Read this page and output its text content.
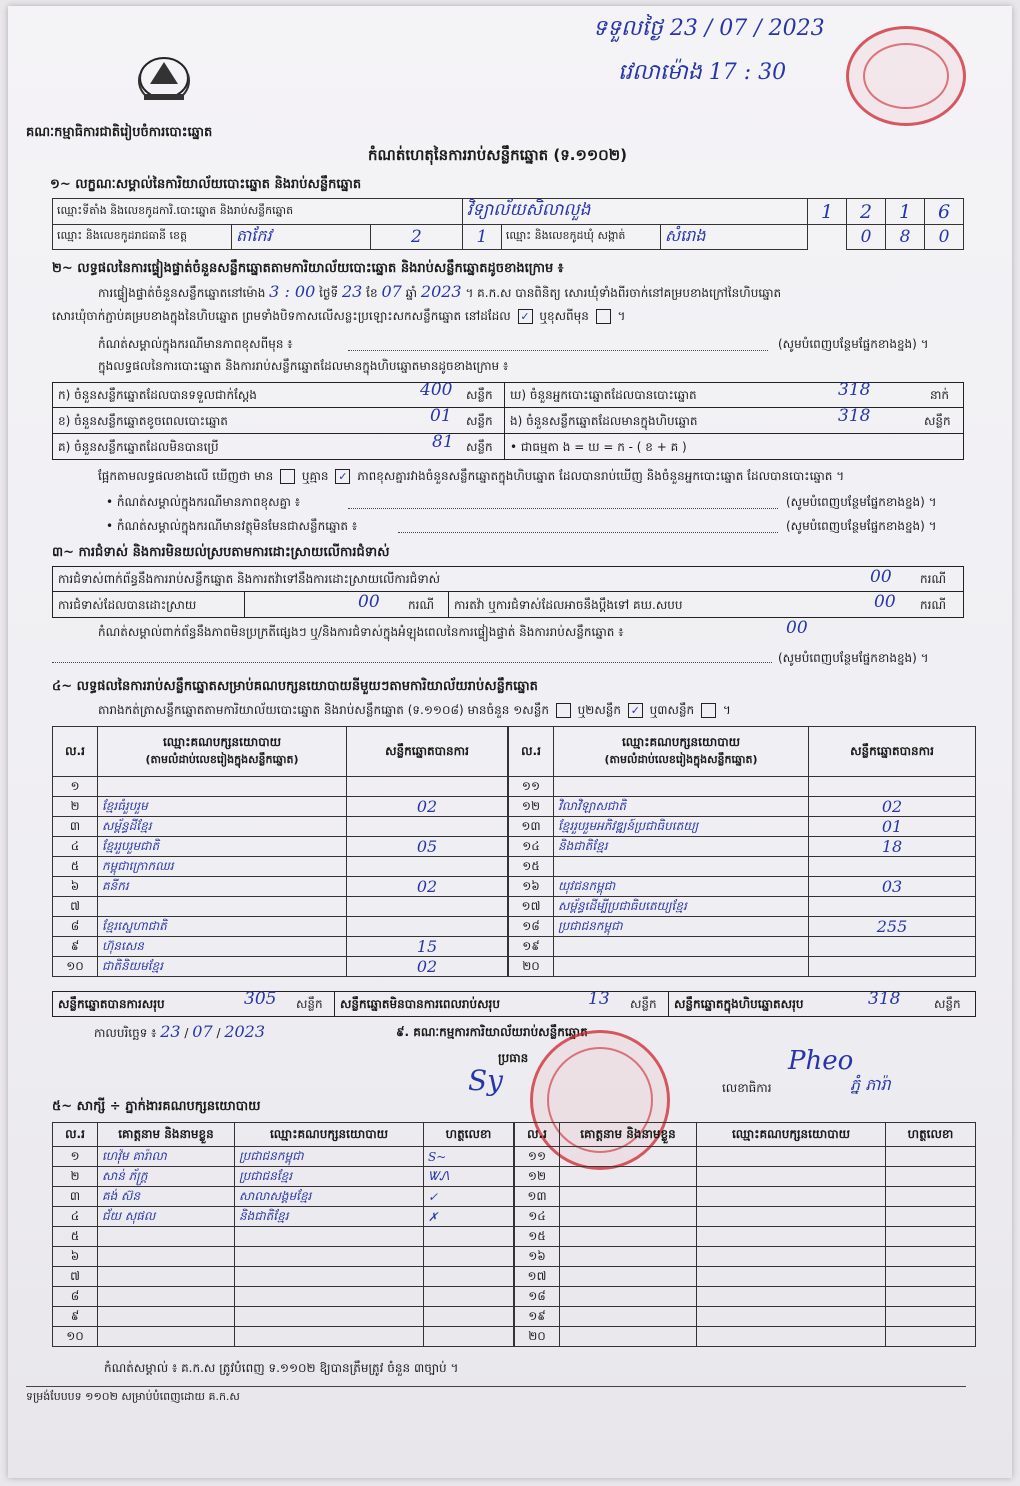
ទទួលថ្ងៃ 23 / 07 / 2023
វេលាម៉ោង 17 : 30
គណៈកម្មាធិការជាតិរៀបចំការបោះឆ្នោត
កំណត់ហេតុនៃការរាប់សន្លឹកឆ្នោត (ទ.១១០២)
១~ លក្ខណៈសម្គាល់នៃការិយាល័យបោះឆ្នោត និងរាប់សន្លឹកឆ្នោត
ឈ្មោះទីតាំង និងលេខកូដការិ.បោះឆ្នោត និងរាប់សន្លឹកឆ្នោត			វិទ្យាល័យសិលាលួង			1	2	1	6
ឈ្មោះ និងលេខកូដរាជធានី ខេត្ត	តាកែវ	2	1	ឈ្មោះ និងលេខកូដឃុំ សង្កាត់	សំរោង		0	8	0
២~ លទ្ធផលនៃការផ្ទៀងផ្ទាត់ចំនួនសន្លឹកឆ្នោតតាមការិយាល័យបោះឆ្នោត និងរាប់សន្លឹកឆ្នោតដូចខាងក្រោម ៖
ការផ្ទៀងផ្ទាត់ចំនួនសន្លឹកឆ្នោតនៅម៉ោង 3 : 00 ថ្ងៃទី 23 ខែ 07 ឆ្នាំ 2023 ។ គ.ក.ស បានពិនិត្យ សោរឃុំទាំងពីរចាក់នៅគម្របខាងក្រៅនៃហិបឆ្នោត
សោរឃុំចាក់ភ្ជាប់គម្របខាងក្នុងនៃហិបឆ្នោត ព្រមទាំងបិទកាសលើសន្លះប្រឡោះសកសន្លឹកឆ្នោត នៅដដែល ✓ ឬខុសពីមុន  ។
កំណត់សម្គាល់ក្នុងករណីមានភាពខុសពីមុន ៖	(សូមបំពេញបន្ថែមផ្នែកខាងខ្នង) ។
ក្នុងលទ្ធផលនៃការបោះឆ្នោត និងការរាប់សន្លឹកឆ្នោតដែលមានក្នុងហិបឆ្នោតមានដូចខាងក្រោម ៖
ក) ចំនួនសន្លឹកឆ្នោតដែលបានទទួលជាក់ស្តែង	400 សន្លឹក
ខ) ចំនួនសន្លឹកឆ្នោតខូចពេលបោះឆ្នោត	01 សន្លឹក
គ) ចំនួនសន្លឹកឆ្នោតដែលមិនបានប្រើ	81 សន្លឹក
ឃ) ចំនួនអ្នកបោះឆ្នោតដែលបានបោះឆ្នោត	318	នាក់
ង) ចំនួនសន្លឹកឆ្នោតដែលមានក្នុងហិបឆ្នោត	318	សន្លឹក
• ជាធម្មតា ង = ឃ = ក - ( ខ + គ )
ផ្អែកតាមលទ្ធផលខាងលើ ឃើញថា មាន ឬគ្មាន ✓ ភាពខុសគ្នារវាងចំនួនសន្លឹកឆ្នោតក្នុងហិបឆ្នោត ដែលបានរាប់ឃើញ និងចំនួនអ្នកបោះឆ្នោត ដែលបានបោះឆ្នោត ។
• កំណត់សម្គាល់ក្នុងករណីមានភាពខុសគ្នា ៖	(សូមបំពេញបន្ថែមផ្នែកខាងខ្នង) ។
• កំណត់សម្គាល់ក្នុងករណីមានវត្ថុមិនមែនជាសន្លឹកឆ្នោត ៖	(សូមបំពេញបន្ថែមផ្នែកខាងខ្នង) ។
៣~ ការជំទាស់ និងការមិនយល់ស្របតាមការដោះស្រាយលើការជំទាស់
ការជំទាស់ពាក់ព័ន្ធនឹងការរាប់សន្លឹកឆ្នោត និងការតវ៉ាទៅនឹងការដោះស្រាយលើការជំទាស់	00 ករណី
ការជំទាស់ដែលបានដោះស្រាយ	00 ករណី ការតវ៉ា ឬការជំទាស់ដែលអាចនឹងប្តឹងទៅ គឃ.សបប	00 ករណី
កំណត់សម្គាល់ពាក់ព័ន្ធនឹងភាពមិនប្រក្រតីផ្សេងៗ ឬ/និងការជំទាស់ក្នុងអំឡុងពេលនៃការផ្ទៀងផ្ទាត់ និងការរាប់សន្លឹកឆ្នោត ៖	00
(សូមបំពេញបន្ថែមផ្នែកខាងខ្នង) ។
៤~ លទ្ធផលនៃការរាប់សន្លឹកឆ្នោតសម្រាប់គណបក្សនយោបាយនីមួយៗតាមការិយាល័យរាប់សន្លឹកឆ្នោត
តារាងកត់ត្រាសន្លឹកឆ្នោតតាមការិយាល័យបោះឆ្នោត និងរាប់សន្លឹកឆ្នោត (ទ.១១០៨) មានចំនួន ១សន្លឹក ឬ២សន្លឹក ✓ ឬ៣សន្លឹក  ។
ល.រ	ឈ្មោះគណបក្សនយោបាយ
(តាមលំដាប់លេខរៀងក្នុងសន្លឹកឆ្នោត)	សន្លឹកឆ្នោតបានការ
១		
២	ខ្មែរធំរួបរួម	02
៣	សម្ព័ន្ធដីខ្មែរ	
៤	ខ្មែររួបរួមជាតិ	05
៥	កម្ពុជាក្រោកឈរ	
៦	គនីករ	02
៧		
៨	ខ្មែរស្នេហាជាតិ	
៩	ហ៊ុនសេន	15
១០	ជាតិនិយមខ្មែរ	02
ល.រ	ឈ្មោះគណបក្សនយោបាយ
(តាមលំដាប់លេខរៀងក្នុងសន្លឹកឆ្នោត)	សន្លឹកឆ្នោតបានការ
១១		
១២	វិលាវិឡាសជាតិ	02
១៣	ខ្មែររួបរួមអភិវឌ្ឍន៍ប្រជាធិបតេយ្យ	01
១៤	និងជាតិខ្មែរ	18
១៥		
១៦	យុវជនកម្ពុជា	03
១៧	សម្ព័ន្ធដើម្បីប្រជាធិបតេយ្យខ្មែរ	
១៨	ប្រជាជនកម្ពុជា	255
១៩		
២០		
សន្លឹកឆ្នោតបានការសរុប	305 សន្លឹក សន្លឹកឆ្នោតមិនបានការពេលរាប់សរុប	13 សន្លឹក សន្លឹកឆ្នោតក្នុងហិបឆ្នោតសរុប	318	សន្លឹក
កាលបរិច្ឆេទ ៖ 23 / 07 / 2023	៩. គណៈកម្មការការិយាល័យរាប់សន្លឹកឆ្នោត
ប្រធាន
Sy	លេខាធិការ
Pheo
ភ្នំ ភារ៉ា
៥~ សាក្សី ÷ ភ្នាក់ងារគណបក្សនយោបាយ
ល.រ	គោត្តនាម និងនាមខ្លួន	ឈ្មោះគណបក្សនយោបាយ	ហត្ថលេខា
១	ហេវ៉ុម គារ៉ាលា	ប្រជាជនកម្ពុជា	S~
២	សាន់ ភ័ក្រ្ត	ប្រជាជនខ្មែរ	ᏔᏁ
៣	គង់ ស៊ន	សាលាសង្គមខ្មែរ	✓
៤	ជ័យ សុផល	និងជាតិខ្មែរ	✗
៥			
៦			
៧			
៨			
៩			
១០			
ល.រ	គោត្តនាម និងនាមខ្លួន	ឈ្មោះគណបក្សនយោបាយ	ហត្ថលេខា
១១			
១២			
១៣			
១៤			
១៥			
១៦			
១៧			
១៨			
១៩			
២០			
កំណត់សម្គាល់ ៖ គ.ក.ស ត្រូវបំពេញ ទ.១១០២ ឱ្យបានត្រឹមត្រូវ ចំនួន ៣ច្បាប់ ។
ទម្រង់បែបបទ ១១០២ សម្រាប់បំពេញដោយ គ.ក.ស
